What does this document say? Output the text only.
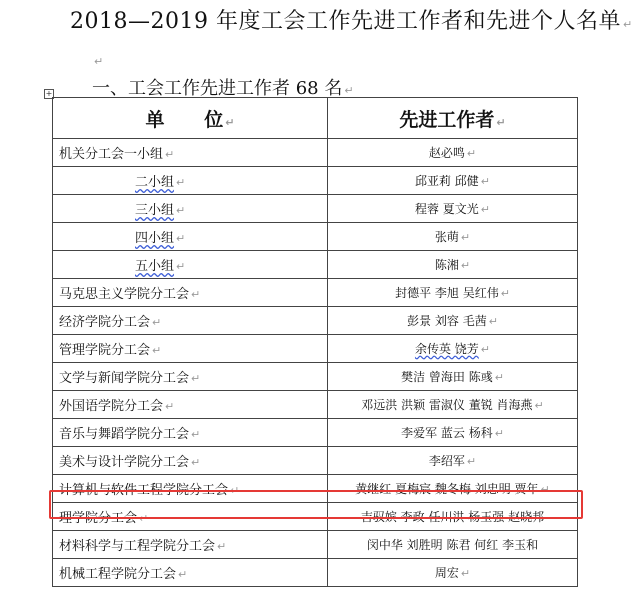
2018—2019 年度工会工作先进工作者和先进个人名单 ↵
↵
一、工会工作先进工作者 68 名 ↵
+
单      位 ↵	先进工作者 ↵
机关分工会一小组 ↵	赵必鸣 ↵
二小组 ↵	邱亚莉 邱健 ↵
三小组 ↵	程蓉 夏文光 ↵
四小组 ↵	张萌 ↵
五小组 ↵	陈湘 ↵
马克思主义学院分工会 ↵	封德平 李旭 吴红伟 ↵
经济学院分工会 ↵	彭景 刘容 毛茜 ↵
管理学院分工会 ↵	余传英 饶芳 ↵
文学与新闻学院分工会 ↵	樊洁 曾海田 陈彧 ↵
外国语学院分工会 ↵	邓远洪 洪颖 雷淑仪 董锐 肖海燕 ↵
音乐与舞蹈学院分工会 ↵	李爱军 蓝云 杨科 ↵
美术与设计学院分工会 ↵	李绍军 ↵
计算机与软件工程学院分工会 ↵	黄继红 夏梅宸 魏冬梅 刘忠明 贾年 ↵
理学院分工会 ↵	吉驭嫔 李政 任川洪 杨玉强 赵晓邦
材料科学与工程学院分工会 ↵	闵中华 刘胜明 陈君 何红 李玉和
机械工程学院分工会 ↵	周宏 ↵
